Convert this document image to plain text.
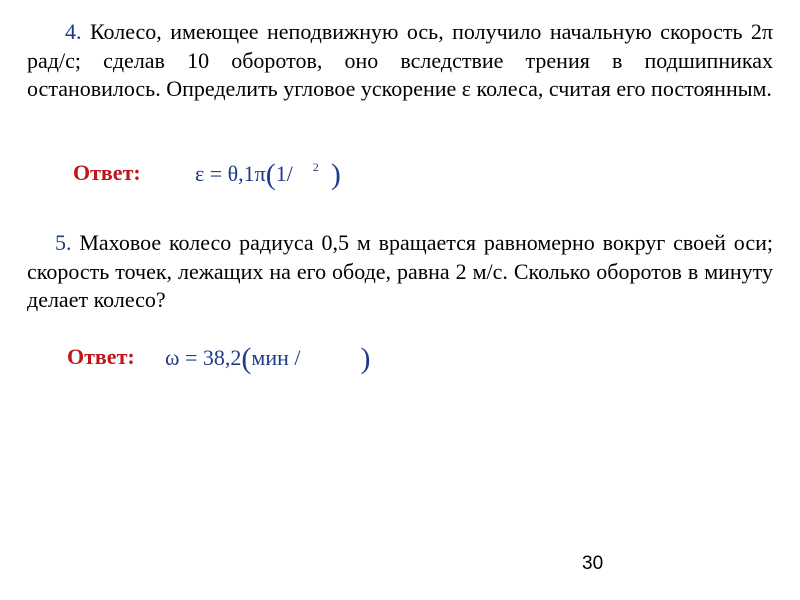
4. Колесо, имеющее неподвижную ось, получило начальную скорость 2π рад/с; сделав 10 оборотов, оно вследствие трения в подшипниках остановилось. Определить угловое ускорение ε колеса, считая его постоянным.
Ответ: ε = θ,1π(1/ $^2$ )
5. Маховое колесо радиуса 0,5 м вращается равномерно вокруг своей оси; скорость точек, лежащих на его ободе, равна 2 м/с. Сколько оборотов в минуту делает колесо?
Ответ: ω = 38,2(мин / )
30
